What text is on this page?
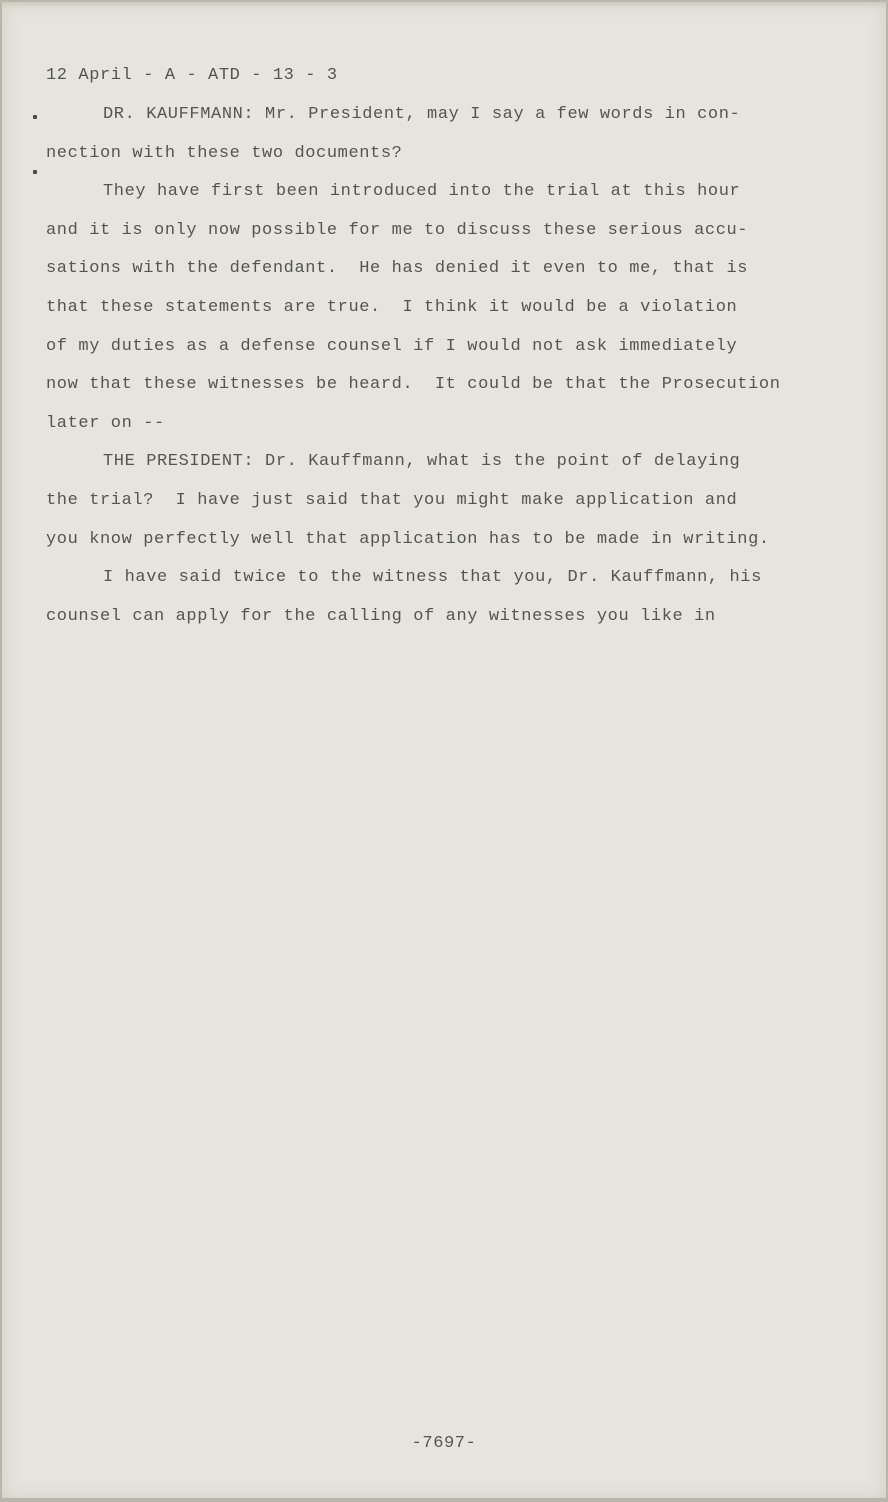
12 April - A - ATD - 13 - 3
DR. KAUFFMANN: Mr. President, may I say a few words in con-
nection with these two documents?
They have first been introduced into the trial at this hour
and it is only now possible for me to discuss these serious accu-
sations with the defendant.  He has denied it even to me, that is
that these statements are true.  I think it would be a violation
of my duties as a defense counsel if I would not ask immediately
now that these witnesses be heard.  It could be that the Prosecution
later on --
THE PRESIDENT: Dr. Kauffmann, what is the point of delaying
the trial?  I have just said that you might make application and
you know perfectly well that application has to be made in writing.
I have said twice to the witness that you, Dr. Kauffmann, his
counsel can apply for the calling of any witnesses you like in
-7697-
